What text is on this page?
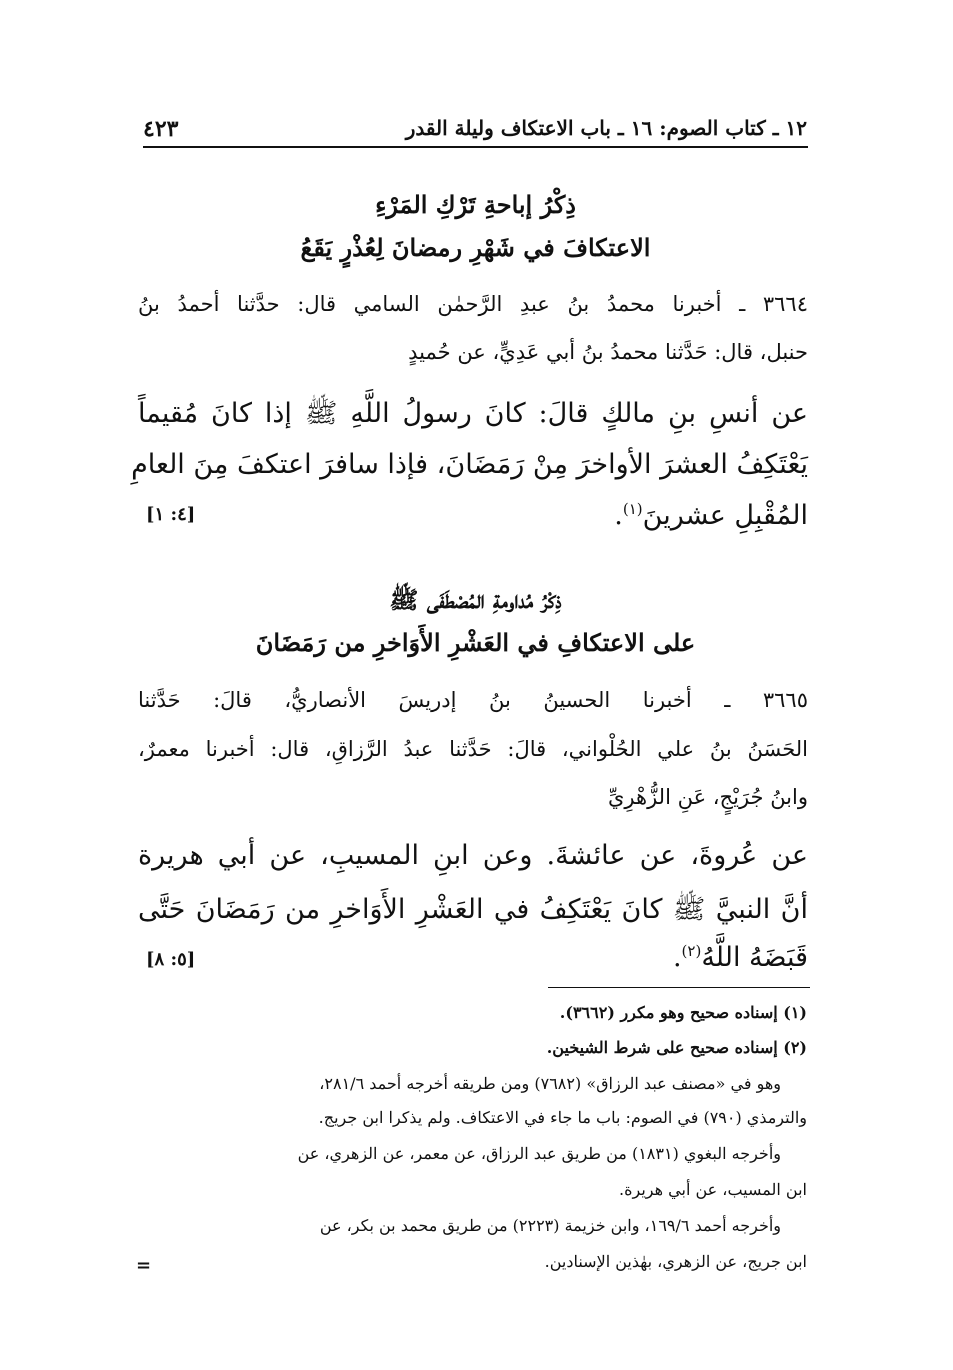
٤٢٣	١٢ ـ كتاب الصوم: ١٦ ـ باب الاعتكاف وليلة القدر
ذِكْرُ إباحةِ تَرْكِ المَرْءِ
الاعتكافَ في شَهْرِ رمضانَ لِعُذْرٍ يَقَعُ
٣٦٦٤ ـ أخبرنا محمدُ بنُ عبدِ الرَّحمٰن السامي قال: حدَّثنا أحمدُ بنُ
حنبل، قال: حَدَّثنا محمدُ بنُ أبي عَدِيٍّ، عن حُميدٍ
عن أنسِ بنِ مالكٍ قالَ: كانَ رسولُ اللَّهِ ﷺ إذا كانَ مُقيماً
يَعْتَكِفُ العشرَ الأواخرَ مِنْ رَمَضَانَ، فإذا سافرَ اعتكفَ مِنَ العامِ
المُقْبِلِ عشرينَ$^{(١)}$.
[٤: ١]
ذِكْرُ مُداومةِ المُصْطَفَى ﷺ
على الاعتكافِ في العَشْرِ الأَوَاخرِ من رَمَضَانَ
٣٦٦٥ ـ أخبرنا الحسينُ بنُ إدريسَ الأنصاريُّ، قالَ: حَدَّثنا
الحَسَنُ بنُ علي الحُلْواني، قالَ: حَدَّثنا عبدُ الرَّزاقِ، قال: أخبرنا معمرٌ،
وابنُ جُرَيْجٍ، عَنِ الزُّهْرِيِّ
عن عُروةَ، عن عائشةَ. وعن ابنِ المسيبِ، عن أبي هريرة
أنَّ النبيَّ ﷺ كانَ يَعْتَكِفُ في العَشْرِ الأَوَاخرِ من رَمَضَانَ حَتَّى
قَبَضَهُ اللَّهُ$^{(٢)}$.
[٥: ٨]
(١) إسناده صحيح وهو مكرر (٣٦٦٢).
(٢) إسناده صحيح على شرط الشيخين.
وهو في «مصنف عبد الرزاق» (٧٦٨٢) ومن طريقه أخرجه أحمد ٢٨١/٦،
والترمذي (٧٩٠) في الصوم: باب ما جاء في الاعتكاف. ولم يذكرا ابن جريج.
وأخرجه البغوي (١٨٣١) من طريق عبد الرزاق، عن معمر، عن الزهري، عن
ابن المسيب، عن أبي هريرة.
وأخرجه أحمد ١٦٩/٦، وابن خزيمة (٢٢٢٣) من طريق محمد بن بكر، عن
ابن جريج، عن الزهري، بهٰذين الإسنادين.
=
